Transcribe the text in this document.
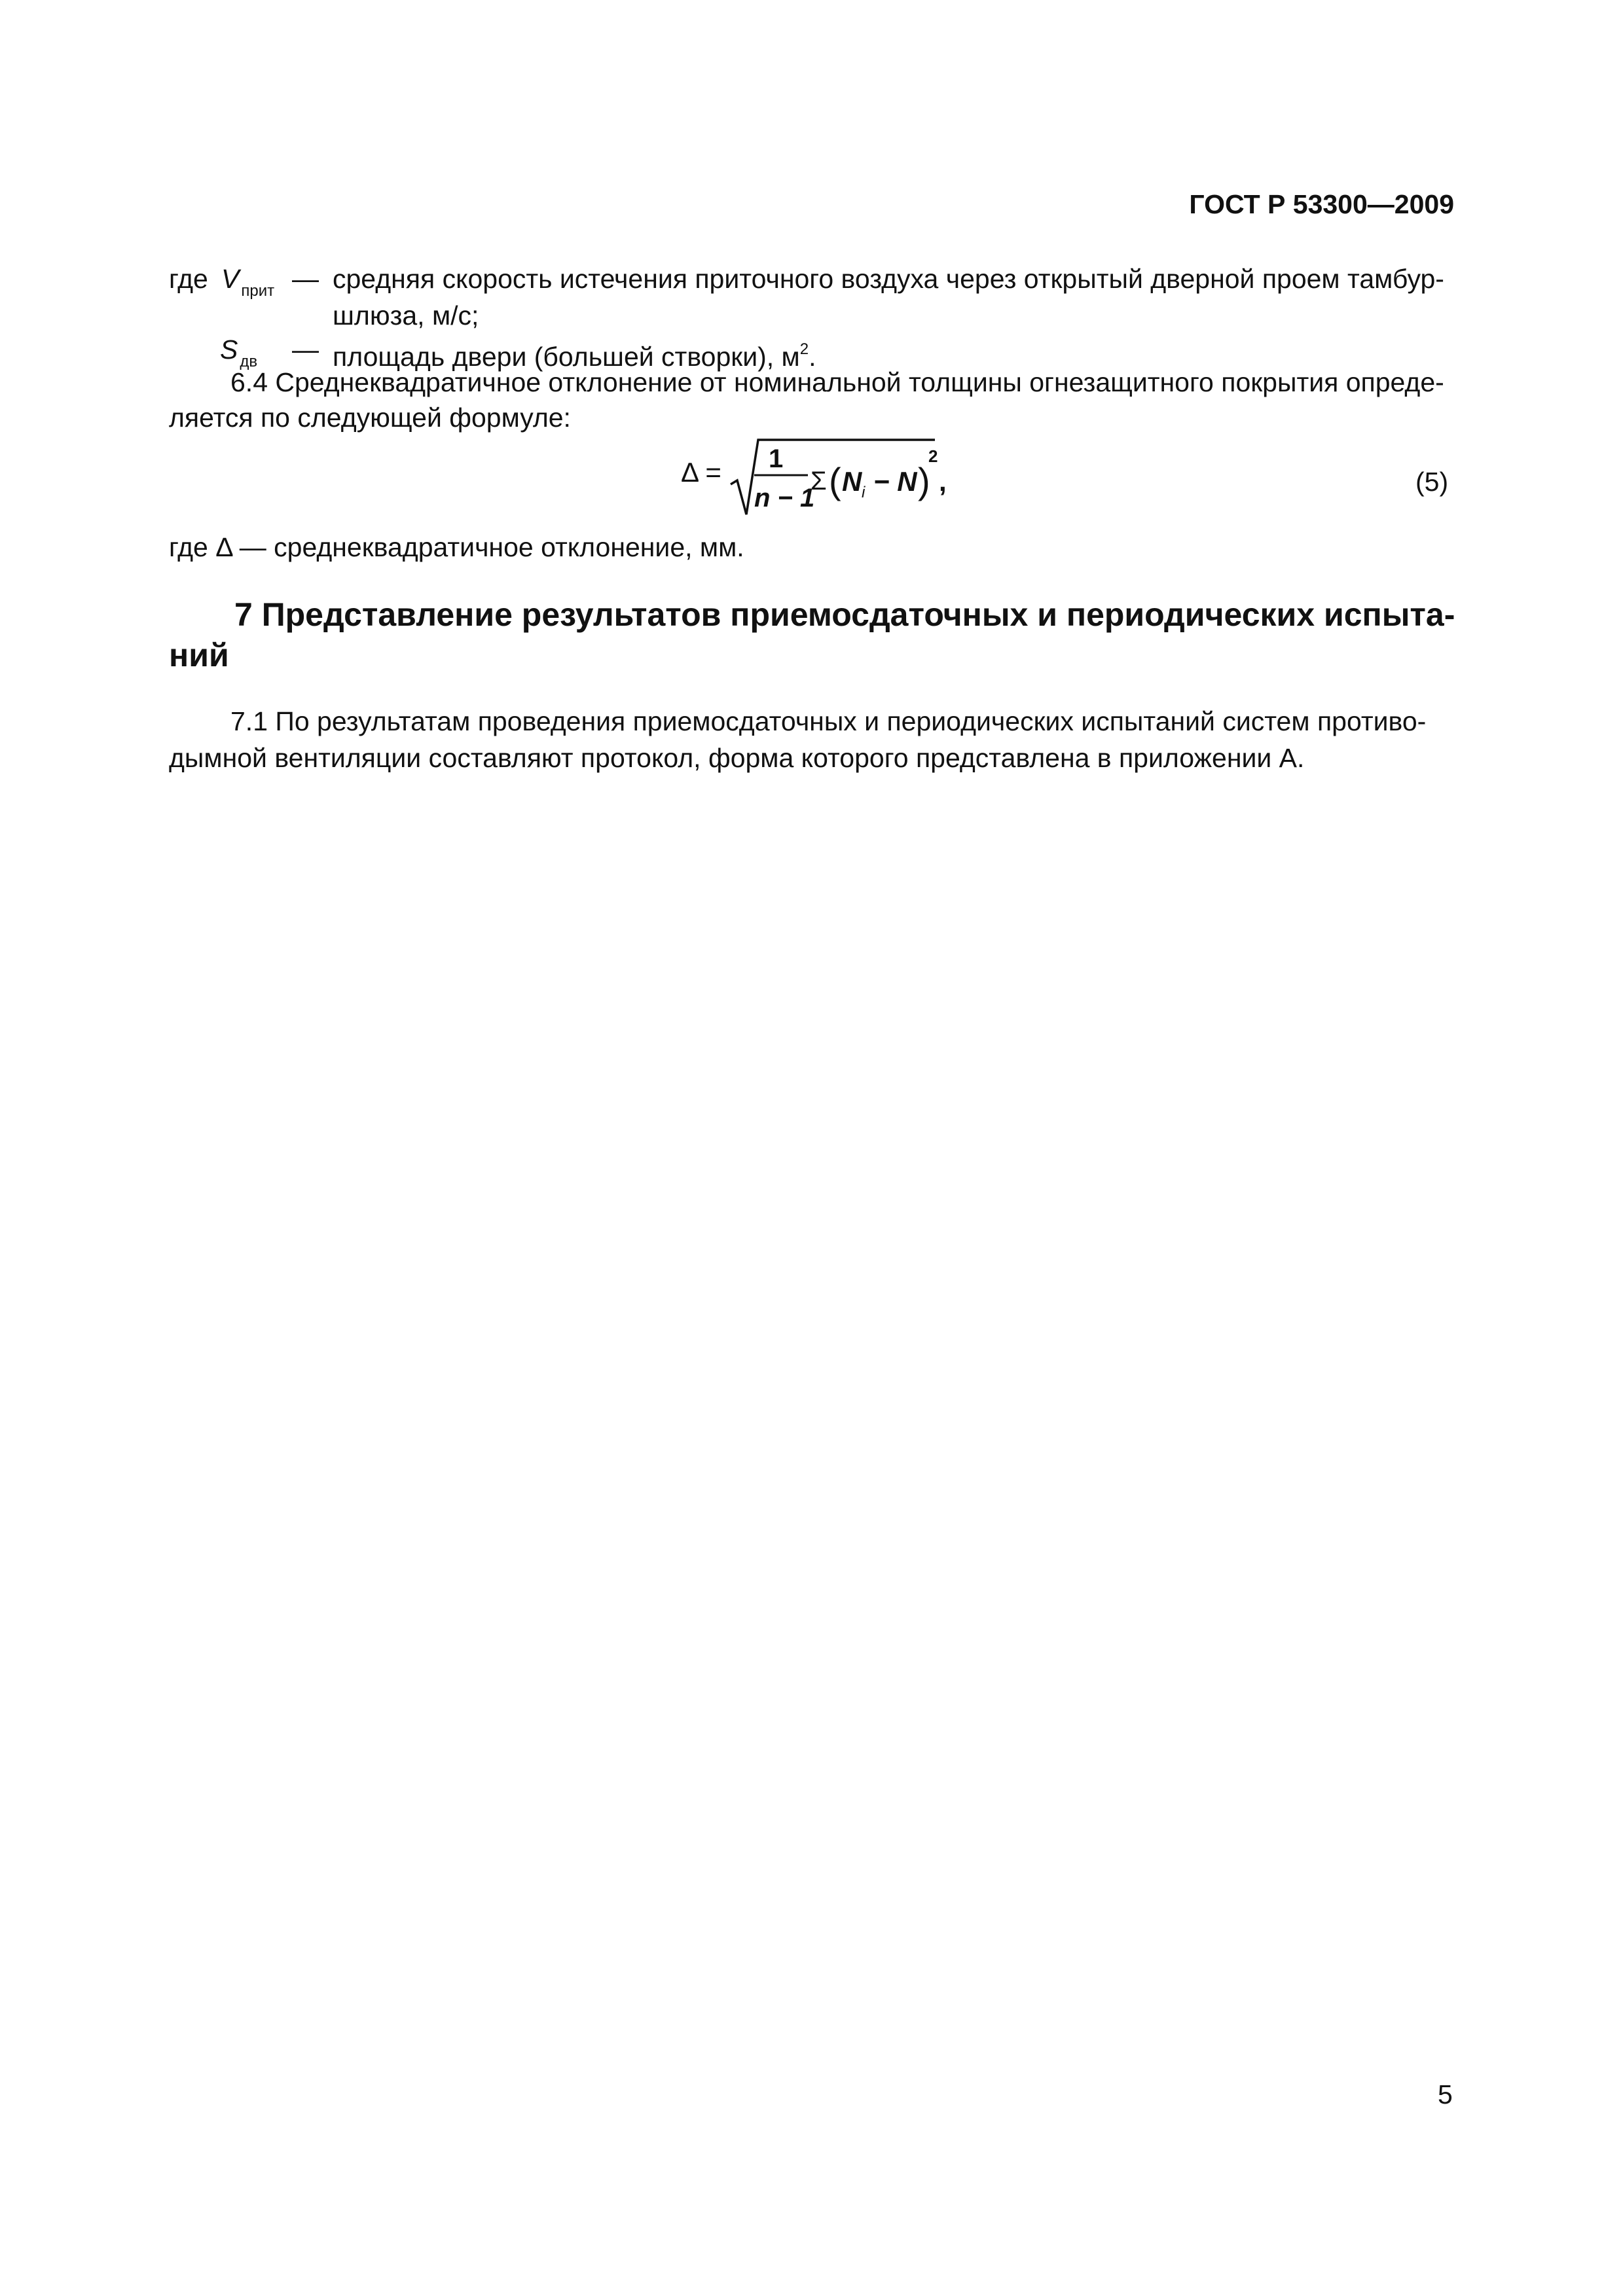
ГОСТ Р 53300—2009
где V $_{прит}$ — средняя скорость истечения приточного воздуха через открытый дверной проем тамбур-
шлюза, м/с;
S $_{дв}$ — площадь двери (большей створки), $м^2$.
6.4 Среднеквадратичное отклонение от номинальной толщины огнезащитного покрытия опреде-
ляется по следующей формуле:
Δ = 1
n − 1
Σ ( N i − N )
2
,	(5)
где Δ — среднеквадратичное отклонение, мм.
7 Представление результатов приемосдаточных и периодических испыта-
ний
7.1 По результатам проведения приемосдаточных и периодических испытаний систем противо-
дымной вентиляции составляют протокол, форма которого представлена в приложении А.
5
